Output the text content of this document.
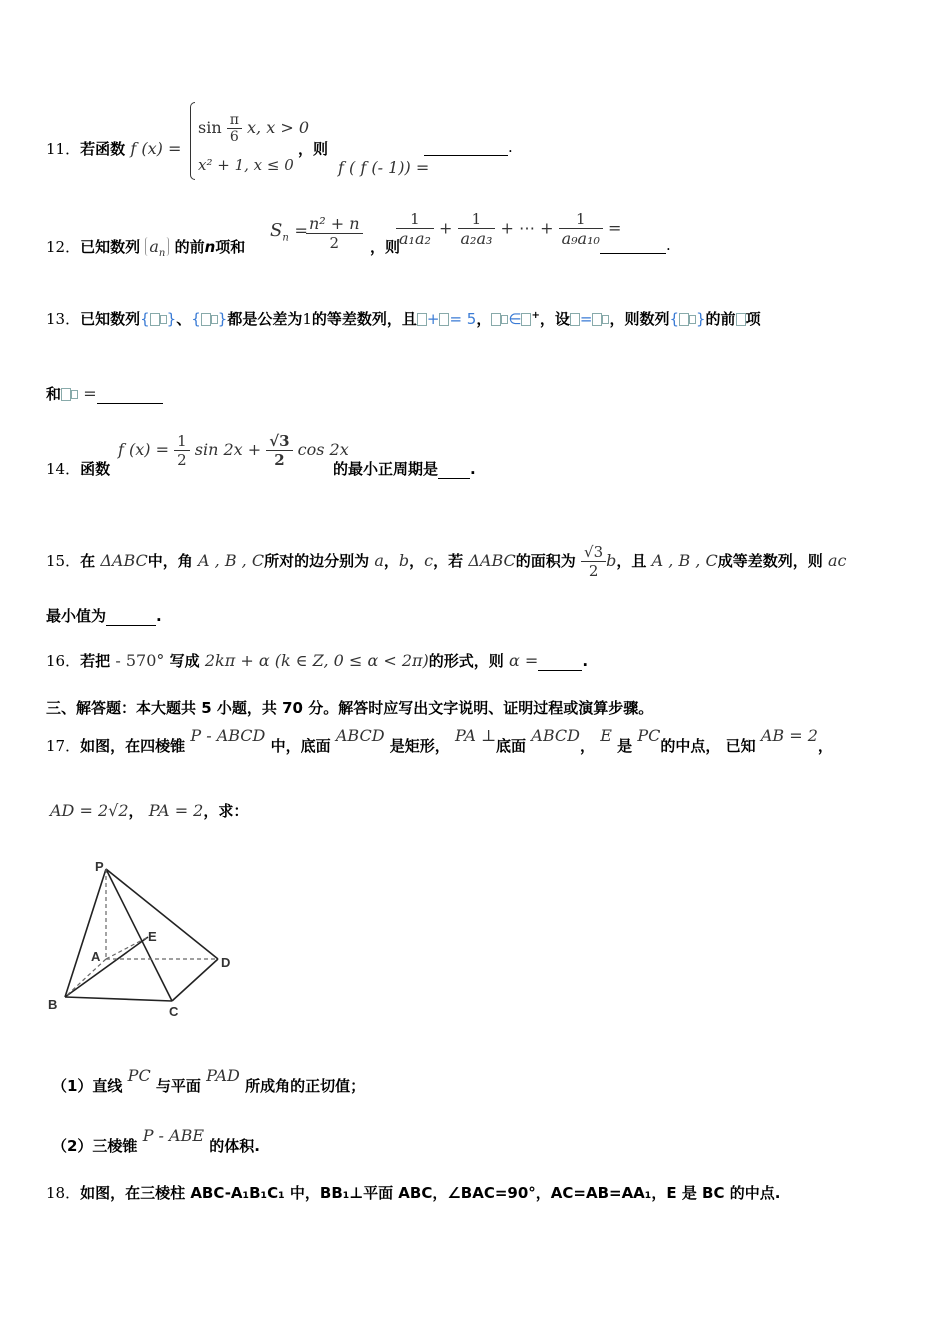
11．若函数 f (x) =
$\sin \frac{\pi}{6} x$, x > 0
x² + 1, x ≤ 0
，则
f ( f (- 1)) =
.
12．已知数列 $a_n$ 的前n项和
$S_n$ =
$\frac{\text{n² + n}}{2}$ ，则
$\frac{1}{\text{a₁a₂}} + \frac{1}{\text{a₂a₃}}$ + ⋯ + $\frac{1}{\text{a₉a₁₀}}$ =
.
13．已知数列{ }、{ }都是公差为1的等差数列，且 + = 5， ∈ +，设 = ，则数列{ }的前 项
和 =
14．函数
f $(x) = \frac{1}{2}$ $\sin 2x + \frac{√3}{2}$ cos 2x
的最小正周期是 .
15．在 ΔABC中，角 A , B , C所对的边分别为 a，b，c，若 ΔABC的面积为 $\frac{√3}{2}$ b，且 A , B , C成等差数列，则 ac
最小值为	.
16．若把 - 570° 写成 2kπ + α (k ∈ Z, 0 ≤ α < 2π)的形式，则 α =	.
三、解答题：本大题共 5 小题，共 70 分。解答时应写出文字说明、证明过程或演算步骤。
17．如图，在四棱锥 P - ABCD 中，底面 ABCD 是矩形， PA ⊥底面 ABCD， E 是 PC的中点， 已知 AB = 2，
AD = 2√2， PA = 2，求：
P
A
B	C
D
E
（1）直线 PC 与平面 PAD 所成角的正切值；
（2）三棱锥 P - ABE 的体积.
18．如图，在三棱柱 ABC-A₁B₁C₁ 中，BB₁⊥平面 ABC，∠BAC=90°，AC=AB=AA₁，E 是 BC 的中点.
